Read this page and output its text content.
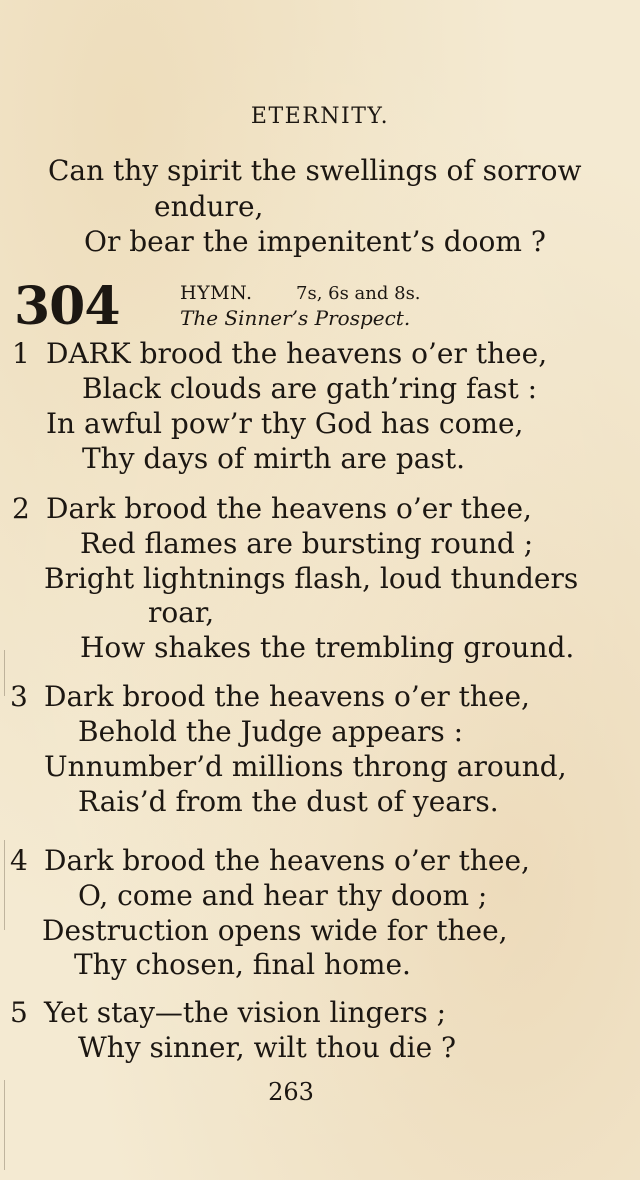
ETERNITY.
Can thy spirit the swellings of sorrow
endure,
Or bear the impenitent’s doom ?
304	HYMN. 7s, 6s and 8s.
The Sinner’s Prospect.
1 DARK brood the heavens o’er thee,
Black clouds are gath’ring fast :
In awful pow’r thy God has come,
Thy days of mirth are past.
2 Dark brood the heavens o’er thee,
Red flames are bursting round ;
Bright lightnings flash, loud thunders
roar,
How shakes the trembling ground.
3 Dark brood the heavens o’er thee,
Behold the Judge appears :
Unnumber’d millions throng around,
Rais’d from the dust of years.
4 Dark brood the heavens o’er thee,
O, come and hear thy doom ;
Destruction opens wide for thee,
Thy chosen, final home.
5 Yet stay—the vision lingers ;
Why sinner, wilt thou die ?
263
